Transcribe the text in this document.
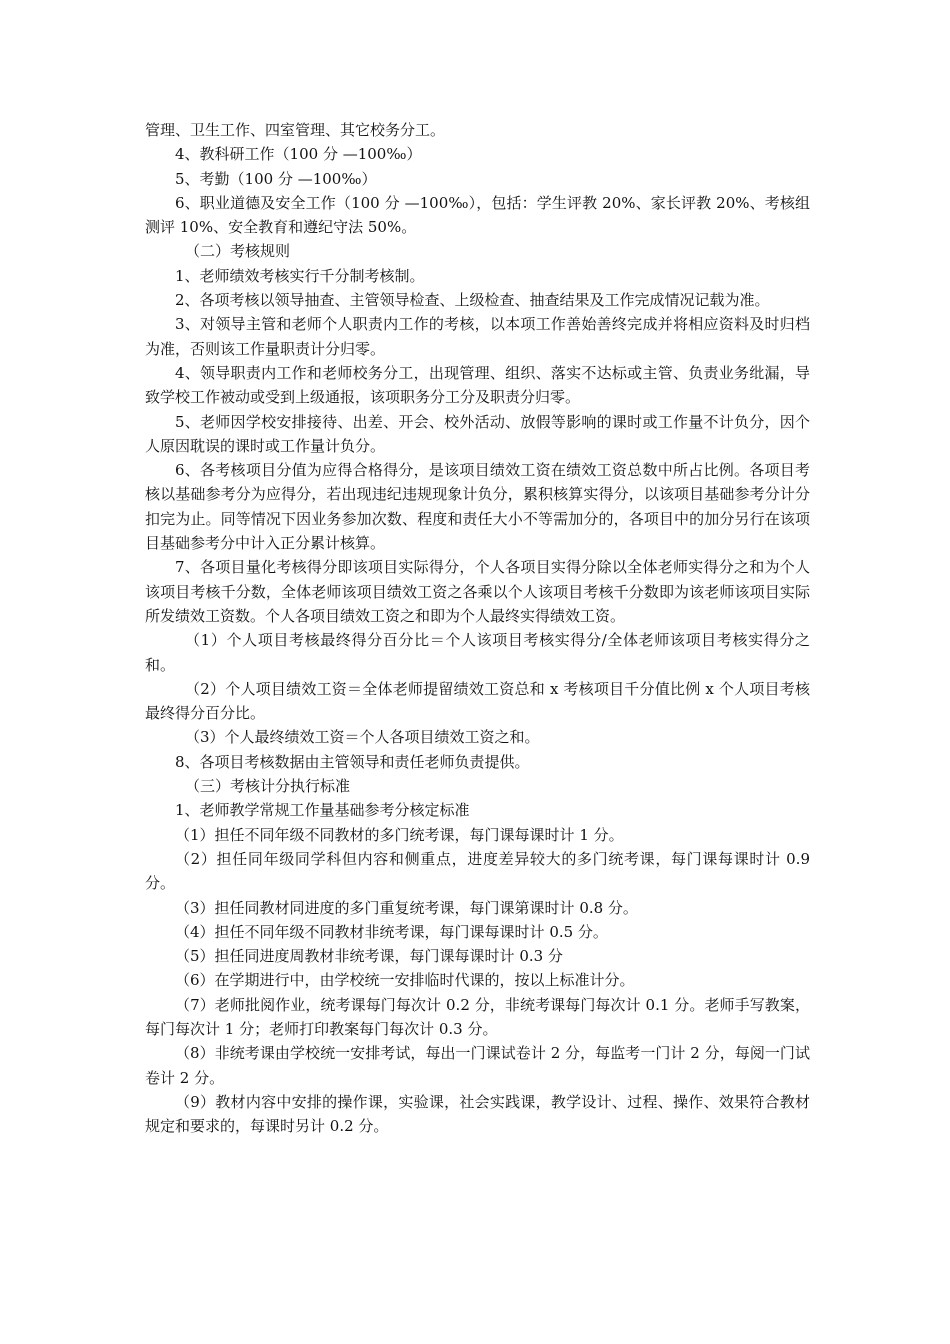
管理、卫生工作、四室管理、其它校务分工。

4、教科研工作（100 分 —100‰）

5、考勤（100 分 —100‰）

6、职业道德及安全工作（100 分 —100‰），包括：学生评教 20%、家长评教 20%、考核组测评 10%、安全教育和遵纪守法 50%。

（二）考核规则

1、老师绩效考核实行千分制考核制。

2、各项考核以领导抽查、主管领导检查、上级检查、抽查结果及工作完成情况记载为准。

3、对领导主管和老师个人职责内工作的考核，以本项工作善始善终完成并将相应资料及时归档为准，否则该工作量职责计分归零。

4、领导职责内工作和老师校务分工，出现管理、组织、落实不达标或主管、负责业务纰漏，导致学校工作被动或受到上级通报，该项职务分工分及职责分归零。

5、老师因学校安排接待、出差、开会、校外活动、放假等影响的课时或工作量不计负分，因个人原因耽误的课时或工作量计负分。

6、各考核项目分值为应得合格得分，是该项目绩效工资在绩效工资总数中所占比例。各项目考核以基础参考分为应得分，若出现违纪违规现象计负分，累积核算实得分，以该项目基础参考分计分扣完为止。同等情况下因业务参加次数、程度和责任大小不等需加分的，各项目中的加分另行在该项目基础参考分中计入正分累计核算。

7、各项目量化考核得分即该项目实际得分，个人各项目实得分除以全体老师实得分之和为个人该项目考核千分数，全体老师该项目绩效工资之各乘以个人该项目考核千分数即为该老师该项目实际所发绩效工资数。个人各项目绩效工资之和即为个人最终实得绩效工资。

（1）个人项目考核最终得分百分比＝个人该项目考核实得分/全体老师该项目考核实得分之和。

（2）个人项目绩效工资＝全体老师提留绩效工资总和 x 考核项目千分值比例 x 个人项目考核最终得分百分比。

（3）个人最终绩效工资＝个人各项目绩效工资之和。

8、各项目考核数据由主管领导和责任老师负责提供。

（三）考核计分执行标准

1、老师教学常规工作量基础参考分核定标准

（1）担任不同年级不同教材的多门统考课，每门课每课时计 1 分。

（2）担任同年级同学科但内容和侧重点，进度差异较大的多门统考课，每门课每课时计 0.9 分。

（3）担任同教材同进度的多门重复统考课，每门课第课时计 0.8 分。

（4）担任不同年级不同教材非统考课，每门课每课时计 0.5 分。

（5）担任同进度周教材非统考课，每门课每课时计 0.3 分

（6）在学期进行中，由学校统一安排临时代课的，按以上标准计分。

（7）老师批阅作业，统考课每门每次计 0.2 分，非统考课每门每次计 0.1 分。老师手写教案，每门每次计 1 分；老师打印教案每门每次计 0.3 分。

（8）非统考课由学校统一安排考试，每出一门课试卷计 2 分，每监考一门计 2 分，每阅一门试卷计 2 分。

（9）教材内容中安排的操作课，实验课，社会实践课，教学设计、过程、操作、效果符合教材规定和要求的，每课时另计 0.2 分。
